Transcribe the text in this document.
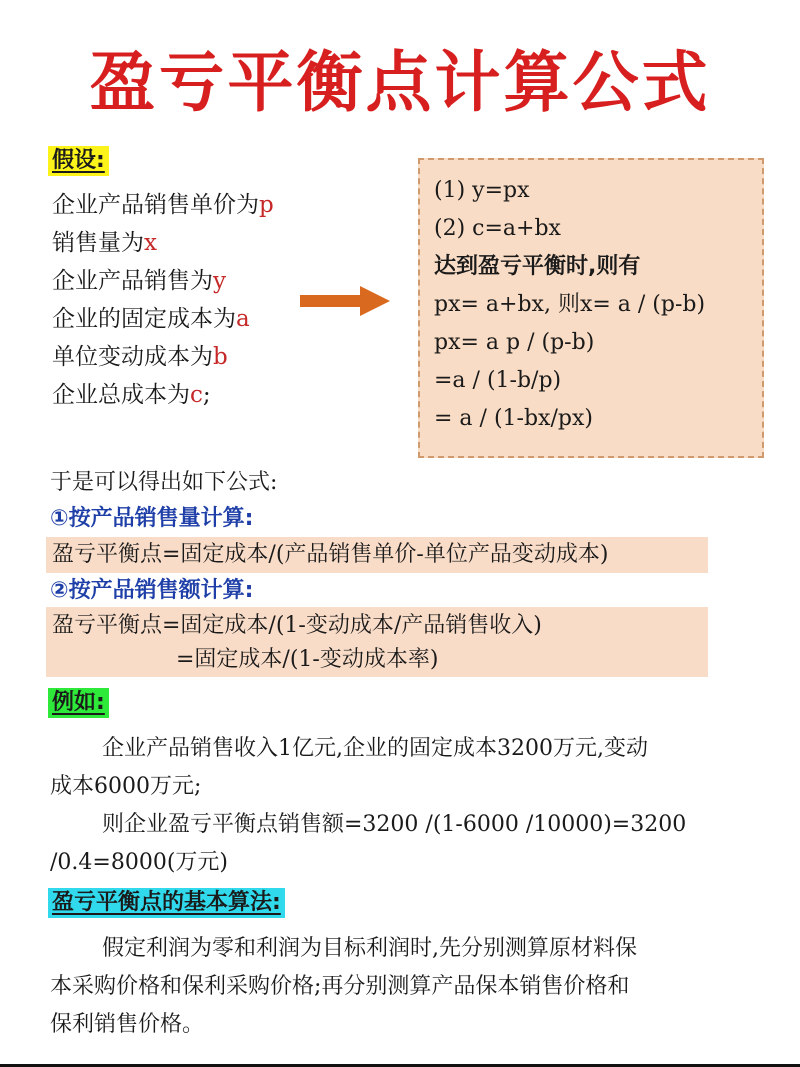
盈亏平衡点计算公式
假设:
企业产品销售单价为p
销售量为x
企业产品销售为y
企业的固定成本为a
单位变动成本为b
企业总成本为c;
(1) y=px
(2) c=a+bx
达到盈亏平衡时,则有
px= a+bx, 则x= a / (p-b)
px= a p / (p-b)
=a / (1-b/p)
= a / (1-bx/px)
于是可以得出如下公式:
①按产品销售量计算:
盈亏平衡点=固定成本/(产品销售单价-单位产品变动成本)
②按产品销售额计算:
盈亏平衡点=固定成本/(1-变动成本/产品销售收入)
=固定成本/(1-变动成本率)
例如:
企业产品销售收入1亿元,企业的固定成本3200万元,变动
成本6000万元;
则企业盈亏平衡点销售额=3200 /(1-6000 /10000)=3200
/0.4=8000(万元)
盈亏平衡点的基本算法:
假定利润为零和利润为目标利润时,先分别测算原材料保
本采购价格和保利采购价格;再分别测算产品保本销售价格和
保利销售价格。
